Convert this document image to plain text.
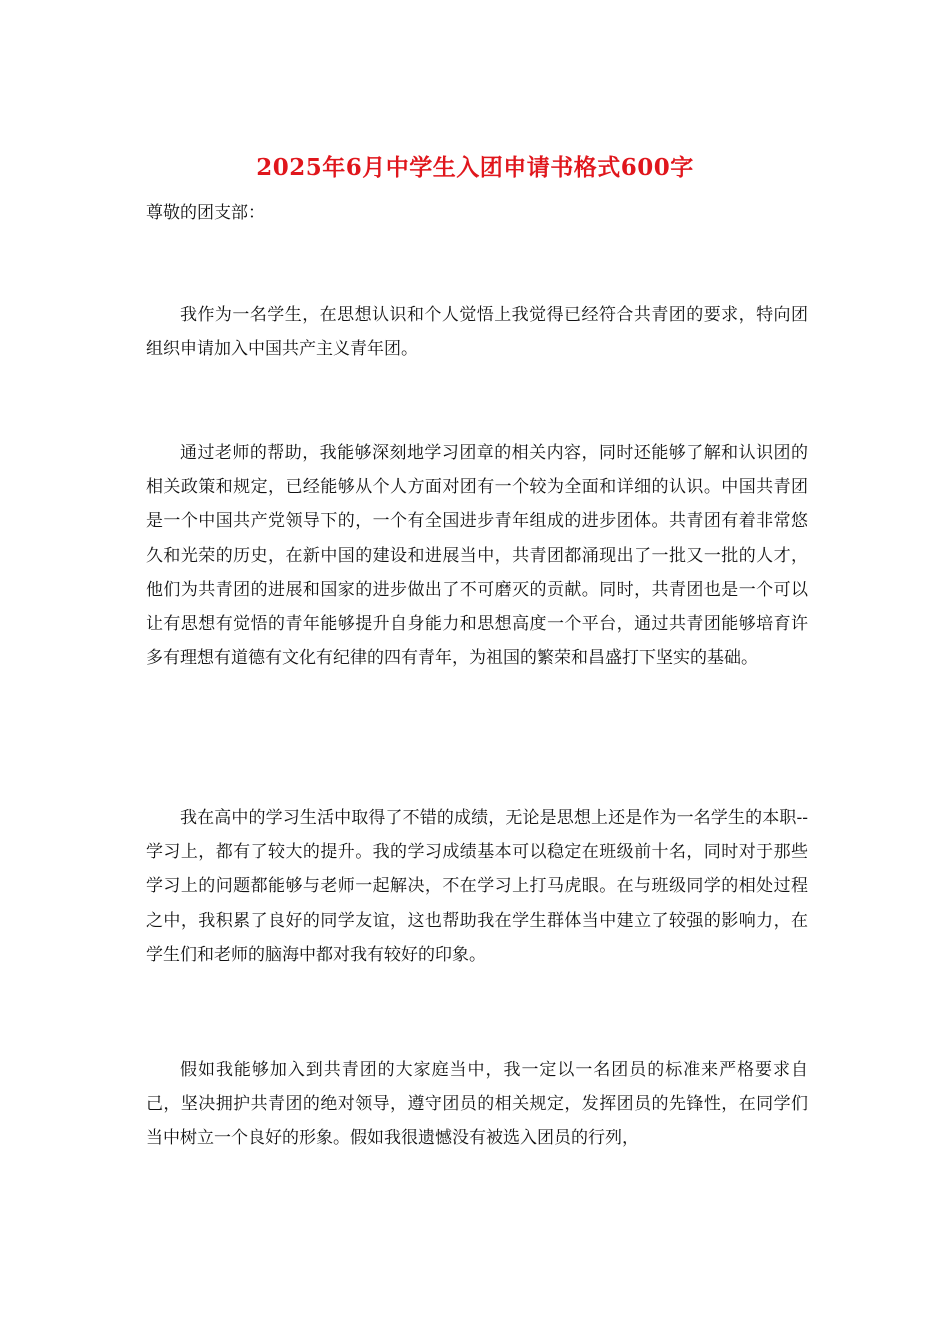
2025年6月中学生入团申请书格式600字
尊敬的团支部：

我作为一名学生，在思想认识和个人觉悟上我觉得已经符合共青团的要求，特向团组织申请加入中国共产主义青年团。

通过老师的帮助，我能够深刻地学习团章的相关内容，同时还能够了解和认识团的相关政策和规定，已经能够从个人方面对团有一个较为全面和详细的认识。中国共青团是一个中国共产党领导下的，一个有全国进步青年组成的进步团体。共青团有着非常悠久和光荣的历史，在新中国的建设和进展当中，共青团都涌现出了一批又一批的人才，他们为共青团的进展和国家的进步做出了不可磨灭的贡献。同时，共青团也是一个可以让有思想有觉悟的青年能够提升自身能力和思想高度一个平台，通过共青团能够培育许多有理想有道德有文化有纪律的四有青年，为祖国的繁荣和昌盛打下坚实的基础。

我在高中的学习生活中取得了不错的成绩，无论是思想上还是作为一名学生的本职--学习上，都有了较大的提升。我的学习成绩基本可以稳定在班级前十名，同时对于那些学习上的问题都能够与老师一起解决，不在学习上打马虎眼。在与班级同学的相处过程之中，我积累了良好的同学友谊，这也帮助我在学生群体当中建立了较强的影响力，在学生们和老师的脑海中都对我有较好的印象。

假如我能够加入到共青团的大家庭当中，我一定以一名团员的标准来严格要求自己，坚决拥护共青团的绝对领导，遵守团员的相关规定，发挥团员的先锋性，在同学们当中树立一个良好的形象。假如我很遗憾没有被选入团员的行列，
